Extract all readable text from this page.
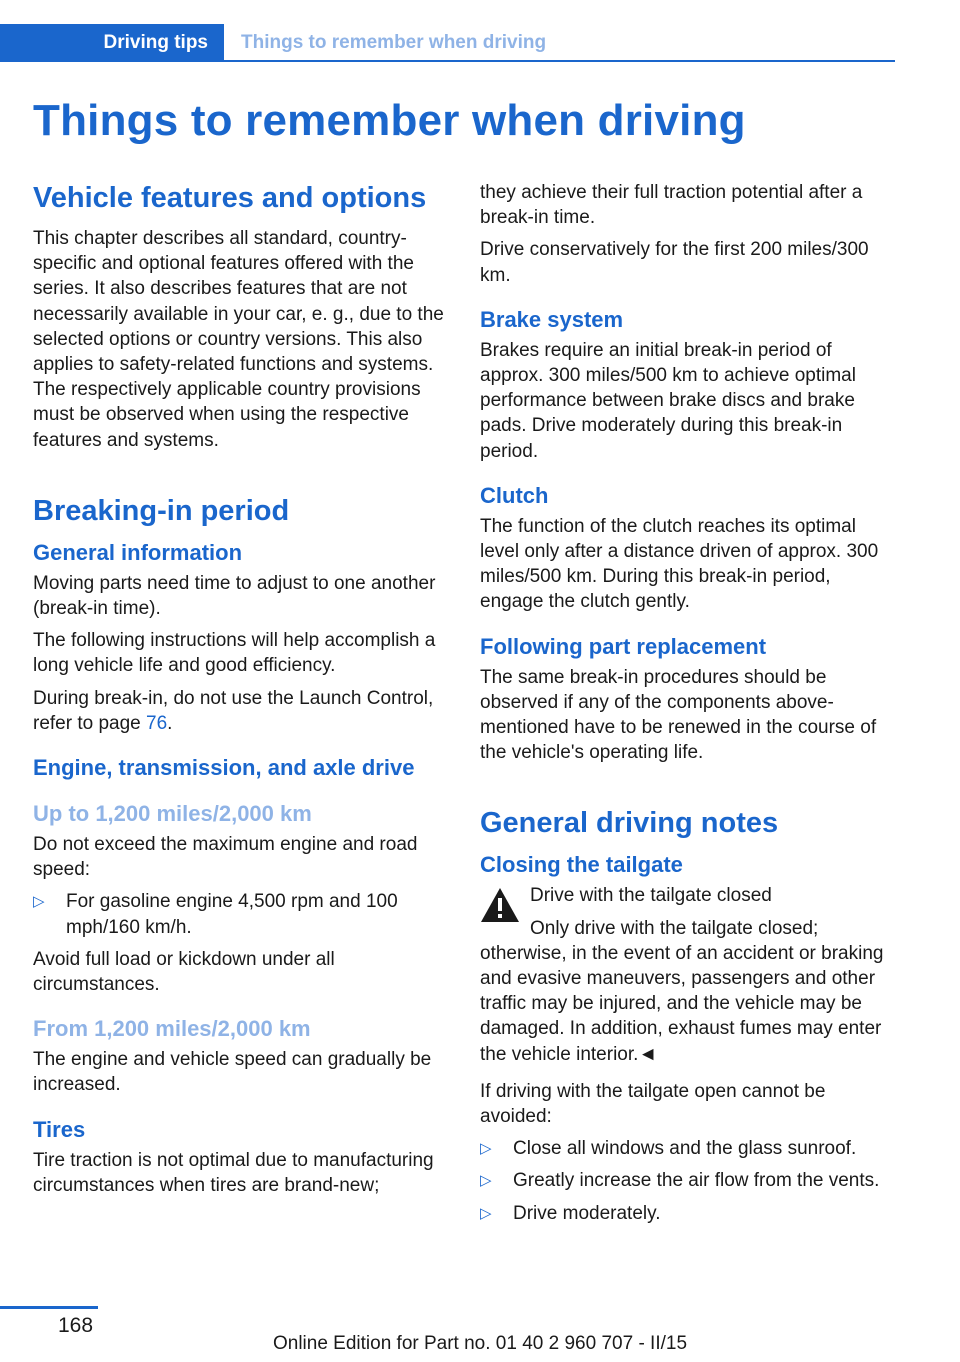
Driving tips	Things to remember when driving
Things to remember when driving
Vehicle features and options

This chapter describes all standard, country-specific and optional features offered with the series. It also describes features that are not necessarily available in your car, e. g., due to the selected options or country versions. This also applies to safety-related functions and systems. The respectively applicable country provisions must be observed when using the respective features and systems.

Breaking-in period
General information

Moving parts need time to adjust to one another (break-in time).

The following instructions will help accomplish a long vehicle life and good efficiency.

During break-in, do not use the Launch Control, refer to page 76.

Engine, transmission, and axle drive
Up to 1,200 miles/2,000 km

Do not exceed the maximum engine and road speed:

▷ For gasoline engine 4,500 rpm and 100 mph/160 km/h.

Avoid full load or kickdown under all circumstances.

From 1,200 miles/2,000 km

The engine and vehicle speed can gradually be increased.

Tires

Tire traction is not optimal due to manufacturing circumstances when tires are brand-new;

they achieve their full traction potential after a break-in time.

Drive conservatively for the first 200 miles/300 km.

Brake system

Brakes require an initial break-in period of approx. 300 miles/500 km to achieve optimal performance between brake discs and brake pads. Drive moderately during this break-in period.

Clutch

The function of the clutch reaches its optimal level only after a distance driven of approx. 300 miles/500 km. During this break-in period, engage the clutch gently.

Following part replacement

The same break-in procedures should be observed if any of the components above-mentioned have to be renewed in the course of the vehicle's operating life.

General driving notes
Closing the tailgate

Drive with the tailgate closed

Only drive with the tailgate closed; otherwise, in the event of an accident or braking and evasive maneuvers, passengers and other traffic may be injured, and the vehicle may be damaged. In addition, exhaust fumes may enter the vehicle interior.◄

If driving with the tailgate open cannot be avoided:

▷ Close all windows and the glass sunroof.
▷ Greatly increase the air flow from the vents.
▷ Drive moderately.
168
Online Edition for Part no. 01 40 2 960 707 - II/15
